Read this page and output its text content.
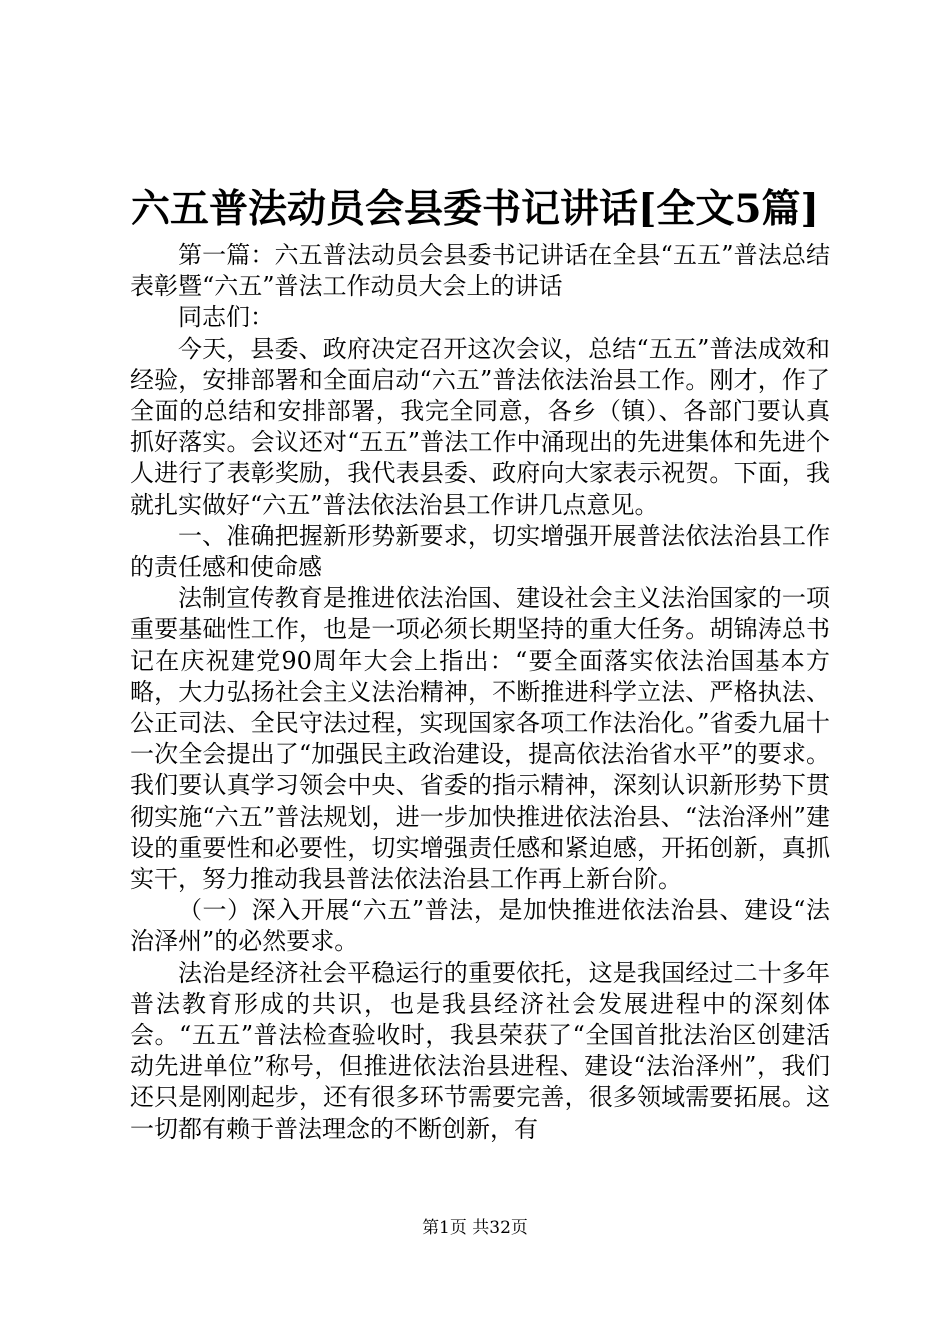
六五普法动员会县委书记讲话[全文5篇]

第一篇：六五普法动员会县委书记讲话在全县“五五”普法总结表彰暨“六五”普法工作动员大会上的讲话

同志们：

今天，县委、政府决定召开这次会议，总结“五五”普法成效和经验，安排部署和全面启动“六五”普法依法治县工作。刚才，作了全面的总结和安排部署，我完全同意，各乡（镇）、各部门要认真抓好落实。会议还对“五五”普法工作中涌现出的先进集体和先进个人进行了表彰奖励，我代表县委、政府向大家表示祝贺。下面，我就扎实做好“六五”普法依法治县工作讲几点意见。

一、准确把握新形势新要求，切实增强开展普法依法治县工作的责任感和使命感

法制宣传教育是推进依法治国、建设社会主义法治国家的一项重要基础性工作，也是一项必须长期坚持的重大任务。胡锦涛总书记在庆祝建党90周年大会上指出：“要全面落实依法治国基本方略，大力弘扬社会主义法治精神，不断推进科学立法、严格执法、公正司法、全民守法过程，实现国家各项工作法治化。”省委九届十一次全会提出了“加强民主政治建设，提高依法治省水平”的要求。我们要认真学习领会中央、省委的指示精神，深刻认识新形势下贯彻实施“六五”普法规划，进一步加快推进依法治县、“法治泽州”建设的重要性和必要性，切实增强责任感和紧迫感，开拓创新，真抓实干，努力推动我县普法依法治县工作再上新台阶。

（一）深入开展“六五”普法，是加快推进依法治县、建设“法治泽州”的必然要求。

法治是经济社会平稳运行的重要依托，这是我国经过二十多年普法教育形成的共识，也是我县经济社会发展进程中的深刻体会。“五五”普法检查验收时，我县荣获了“全国首批法治区创建活动先进单位”称号，但推进依法治县进程、建设“法治泽州”，我们还只是刚刚起步，还有很多环节需要完善，很多领域需要拓展。这一切都有赖于普法理念的不断创新，有

第1页 共32页
